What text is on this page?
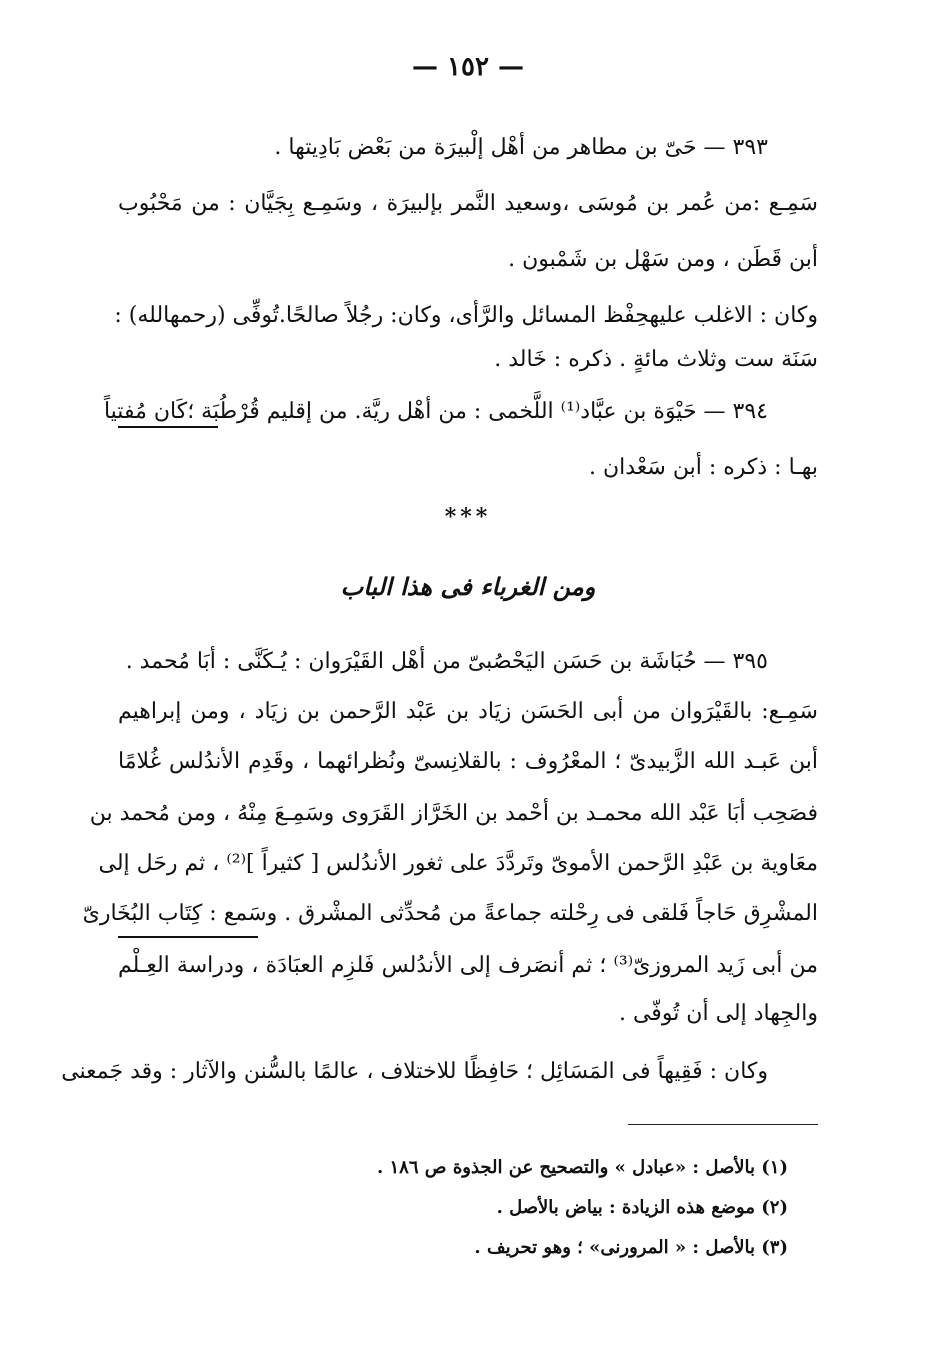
— ١٥٢ —
٣٩٣ — حَىّ بن مطاهر من أهْل إلْبيرَة من بَعْض بَادِيتها .
سَمِـع :من عُمر بن مُوسَى ،وسعيد النَّمر بإلبيرَة ، وسَمِـع بِجَيَّان : من مَحْبُوب
أبن قَطَن ، ومن سَهْل بن شَمْبون .
وكان : الاغلب عليهحِفْظ المسائل والرَّأى، وكان: رجُلاً صالحًا.تُوفِّى (رحمهالله) :
سَنَة ست وثلاث مائةٍ . ذكره : خَالد .
٣٩٤ — حَيْوَة بن عبَّاد⁽¹⁾ اللَّخمى : من أهْل ريَّة. من إقليم قُرْطُبَة ؛كَان مُفتياً
بهـا : ذكره : أبن سَعْدان .
***
ومن الغرباء فى هذا الباب
٣٩٥ — حُبَاشَة بن حَسَن اليَحْصُبىّ من أهْل القَيْرَوان : يُـكَنَّى : أبَا مُحمد .
سَمِـع: بالقَيْرَوان من أبى الحَسَن زيَاد بن عَبْد الرَّحمن بن زيَاد ، ومن إبراهيم
أبن عَبـد الله الزَّبيدىّ ؛ المعْرُوف : بالقلانِسىّ ونُظرائهما ، وقَدِم الأندُلس غُلامًا
فصَحِب أبَا عَبْد الله محمـد بن أحْمد بن الخَرَّاز القَرَوى وسَمِـعَ مِنْهُ ، ومن مُحمد بن
معَاوية بن عَبْدِ الرَّحمن الأموىّ وتَردَّدَ على ثغور الأندُلس [ كثيراً ]⁽²⁾ ، ثم رحَل إلى
المشْرِق حَاجاً فَلقى فى رِحْلته جماعةً من مُحدِّثى المشْرق . وسَمع : كِتَاب البُخَارىّ
من أبى زَيد المروزىّ⁽³⁾ ؛ ثم أنصَرف إلى الأندُلس فَلزِم العبَادَة ، ودراسة العِـلْم
والجِهاد إلى أن تُوفّى .
وكان : فَقِيهاً فى المَسَائِل ؛ حَافِظًا للاختلاف ، عالمًا بالسُّنن والآثار : وقد جَمعنى
(١) بالأصل : «عبادل » والتصحيح عن الجذوة ص ١٨٦ .
(٢) موضع هذه الزيادة : بياض بالأصل .
(٣) بالأصل : « المرورنى» ؛ وهو تحريف .
